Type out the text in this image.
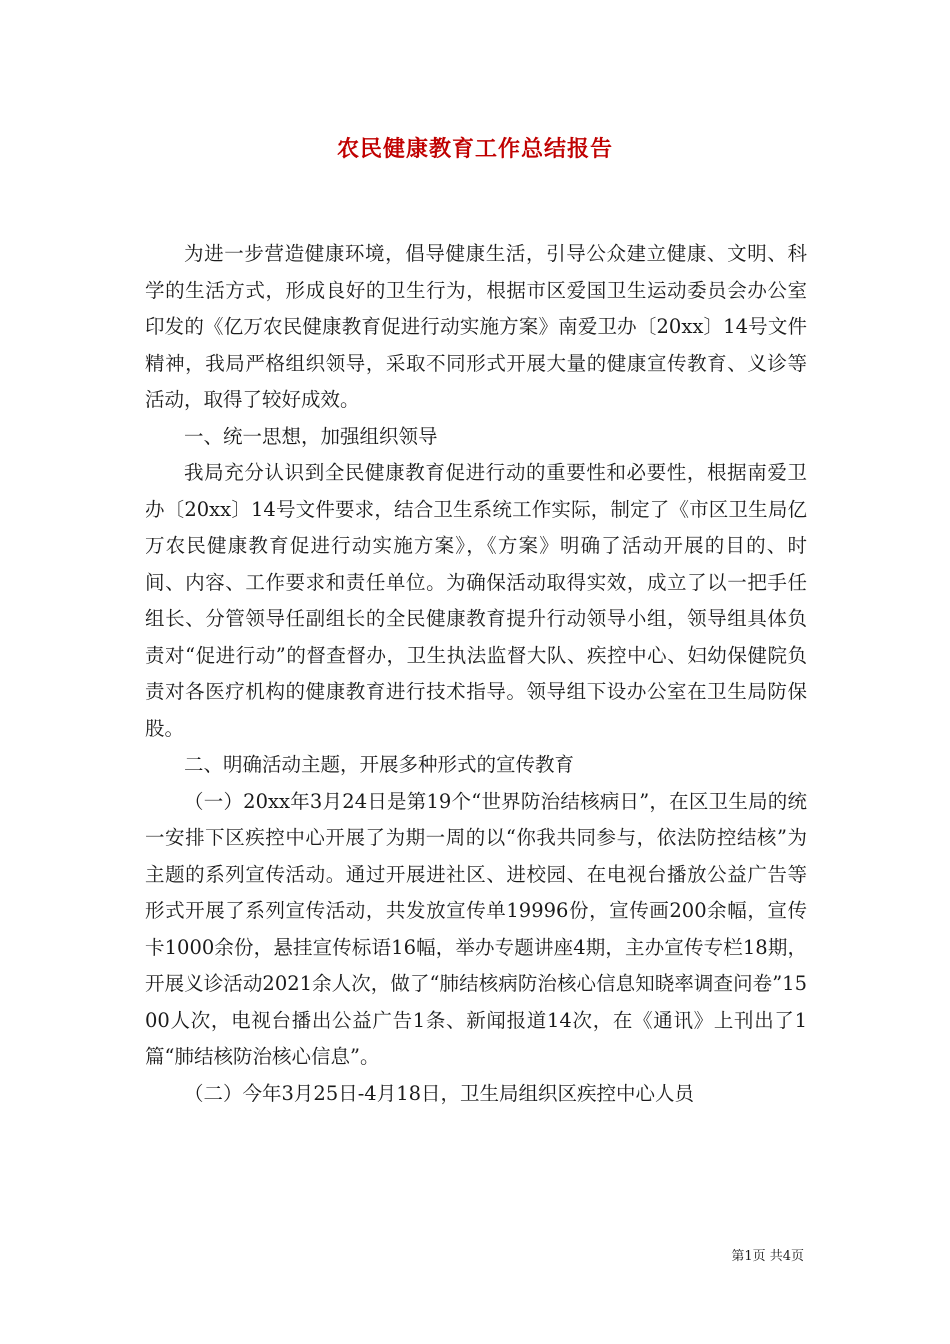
农民健康教育工作总结报告

为进一步营造健康环境，倡导健康生活，引导公众建立健康、文明、科学的生活方式，形成良好的卫生行为，根据市区爱国卫生运动委员会办公室印发的《亿万农民健康教育促进行动实施方案》南爱卫办〔20xx〕14号文件精神，我局严格组织领导，采取不同形式开展大量的健康宣传教育、义诊等活动，取得了较好成效。

一、统一思想，加强组织领导

我局充分认识到全民健康教育促进行动的重要性和必要性，根据南爱卫办〔20xx〕14号文件要求，结合卫生系统工作实际，制定了《市区卫生局亿万农民健康教育促进行动实施方案》，《方案》明确了活动开展的目的、时间、内容、工作要求和责任单位。为确保活动取得实效，成立了以一把手任组长、分管领导任副组长的全民健康教育提升行动领导小组，领导组具体负责对“促进行动”的督查督办，卫生执法监督大队、疾控中心、妇幼保健院负责对各医疗机构的健康教育进行技术指导。领导组下设办公室在卫生局防保股。

二、明确活动主题，开展多种形式的宣传教育

（一）20xx年3月24日是第19个“世界防治结核病日”，在区卫生局的统一安排下区疾控中心开展了为期一周的以“你我共同参与，依法防控结核”为主题的系列宣传活动。通过开展进社区、进校园、在电视台播放公益广告等形式开展了系列宣传活动，共发放宣传单19996份，宣传画200余幅，宣传卡1000余份，悬挂宣传标语16幅，举办专题讲座4期，主办宣传专栏18期，开展义诊活动2021余人次，做了“肺结核病防治核心信息知晓率调查问卷”1500人次，电视台播出公益广告1条、新闻报道14次，在《通讯》上刊出了1篇“肺结核防治核心信息”。

（二）今年3月25日-4月18日，卫生局组织区疾控中心人员

第1页 共4页
